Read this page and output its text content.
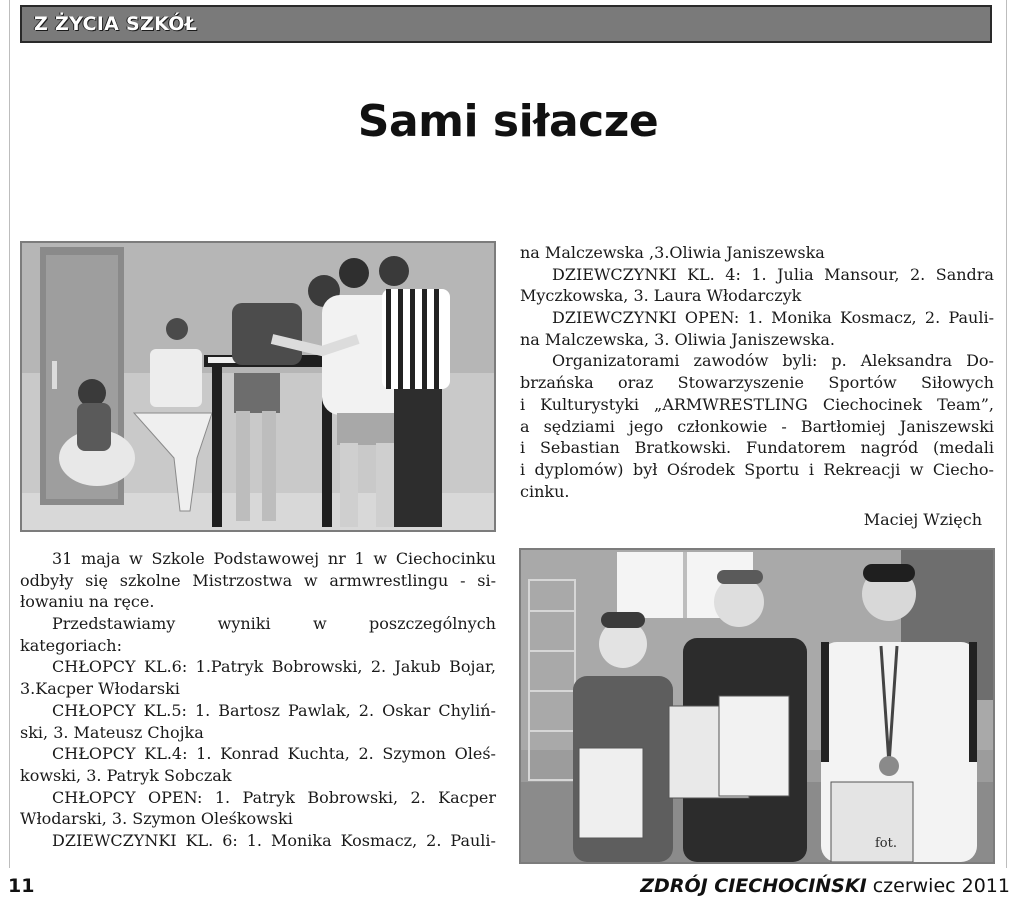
Z ŻYCIA SZKÓŁ
Sami siłacze
fot.
na Malczewska ,3.Oliwia Janiszewska
DZIEWCZYNKI KL. 4: 1. Julia Mansour, 2. Sandra
Myczkowska, 3. Laura Włodarczyk
DZIEWCZYNKI OPEN: 1. Monika Kosmacz, 2. Pauli-
na Malczewska, 3. Oliwia Janiszewska.
Organizatorami zawodów byli: p. Aleksandra Do-
brzańska oraz Stowarzyszenie Sportów Siłowych
i Kulturystyki „ARMWRESTLING Ciechocinek Team”,
a sędziami jego członkowie - Bartłomiej Janiszewski
i Sebastian Bratkowski. Fundatorem nagród (medali
i dyplomów) był Ośrodek Sportu i Rekreacji w Ciecho-
cinku.
Maciej Wzięch
31 maja w Szkole Podstawowej nr 1 w Ciechocinku
odbyły się szkolne Mistrzostwa w armwrestlingu - si-
łowaniu na ręce.
Przedstawiamy	wyniki	w	poszczególnych
kategoriach:
CHŁOPCY KL.6: 1.Patryk Bobrowski, 2. Jakub Bojar,
3.Kacper Włodarski
CHŁOPCY KL.5: 1. Bartosz Pawlak, 2. Oskar Chyliń-
ski, 3. Mateusz Chojka
CHŁOPCY KL.4: 1. Konrad Kuchta, 2. Szymon Oleś-
kowski, 3. Patryk Sobczak
CHŁOPCY OPEN: 1. Patryk Bobrowski, 2. Kacper
Włodarski, 3. Szymon Oleśkowski
DZIEWCZYNKI KL. 6: 1. Monika Kosmacz, 2. Pauli-
11	ZDRÓJ CIECHOCIŃSKI czerwiec 2011
